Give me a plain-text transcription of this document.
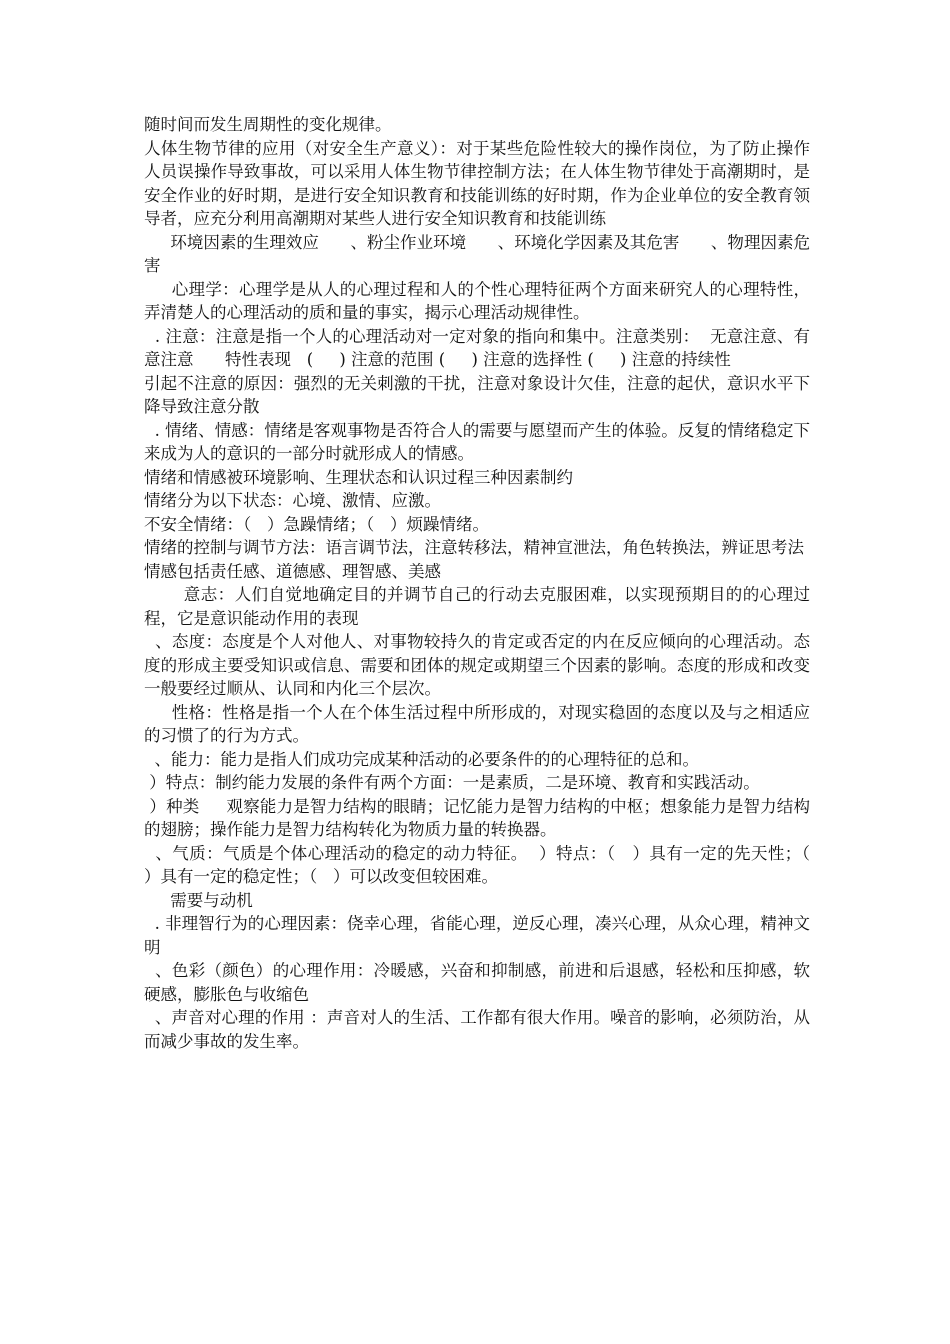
随时间而发生周期性的变化规律。

人体生物节律的应用（对安全生产意义）：对于某些危险性较大的操作岗位，为了防止操作人员误操作导致事故，可以采用人体生物节律控制方法；在人体生物节律处于高潮期时，是安全作业的好时期，是进行安全知识教育和技能训练的好时期，作为企业单位的安全教育领导者，应充分利用高潮期对某些人进行安全知识教育和技能训练

环境因素的生理效应      、粉尘作业环境      、环境化学因素及其危害      、物理因素危害

心理学：心理学是从人的心理过程和人的个性心理特征两个方面来研究人的心理特性，弄清楚人的心理活动的质和量的事实，揭示心理活动规律性。

. 注意：注意是指一个人的心理活动对一定对象的指向和集中。注意类别：  无意注意、有意注意      特性表现   (     ) 注意的范围 (     ) 注意的选择性 (     ) 注意的持续性

引起不注意的原因：强烈的无关刺激的干扰，注意对象设计欠佳，注意的起伏，意识水平下降导致注意分散

. 情绪、情感：情绪是客观事物是否符合人的需要与愿望而产生的体验。反复的情绪稳定下来成为人的意识的一部分时就形成人的情感。

情绪和情感被环境影响、生理状态和认识过程三种因素制约

情绪分为以下状态：心境、激情、应激。

不安全情绪：（   ）急躁情绪；（   ）烦躁情绪。

情绪的控制与调节方法：语言调节法，注意转移法，精神宣泄法，角色转换法，辨证思考法

情感包括责任感、道德感、理智感、美感

意志：人们自觉地确定目的并调节自己的行动去克服困难，以实现预期目的的心理过程，它是意识能动作用的表现

、态度：态度是个人对他人、对事物较持久的肯定或否定的内在反应倾向的心理活动。态度的形成主要受知识或信息、需要和团体的规定或期望三个因素的影响。态度的形成和改变一般要经过顺从、认同和内化三个层次。

性格：性格是指一个人在个体生活过程中所形成的，对现实稳固的态度以及与之相适应的习惯了的行为方式。

、能力：能力是指人们成功完成某种活动的必要条件的的心理特征的总和。

）特点：制约能力发展的条件有两个方面：一是素质，二是环境、教育和实践活动。

）种类     观察能力是智力结构的眼睛；记忆能力是智力结构的中枢；想象能力是智力结构的翅膀；操作能力是智力结构转化为物质力量的转换器。

、气质：气质是个体心理活动的稳定的动力特征。  ）特点：（   ）具有一定的先天性；（   ）具有一定的稳定性；（   ）可以改变但较困难。

需要与动机

. 非理智行为的心理因素：侥幸心理，省能心理，逆反心理，凑兴心理，从众心理，精神文明

、色彩（颜色）的心理作用：冷暖感，兴奋和抑制感，前进和后退感，轻松和压抑感，软硬感，膨胀色与收缩色

、声音对心理的作用 ：声音对人的生活、工作都有很大作用。噪音的影响，必须防治，从而减少事故的发生率。
